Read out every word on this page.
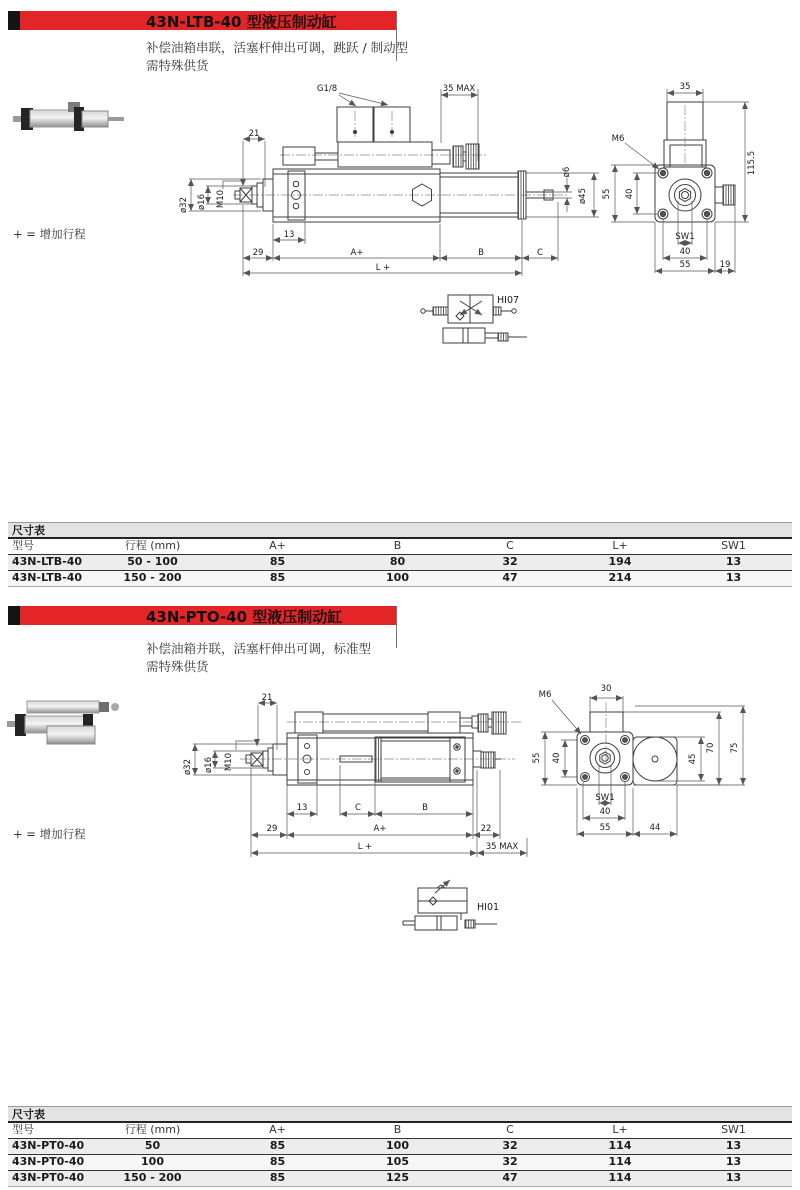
43N-LTB-40 型液压制动缸
补偿油箱串联，活塞杆伸出可调，跳跃 / 制动型
需特殊供货
+ = 增加行程
G1/8	35 MAX
21
ø32 ø16 M10
13
29	A+	B	C
L +
ø6
ø45
35
M6
55 40
115.5
SW1
40
55	19
HI07
尺寸表
型号	行程 (mm)	A+	B	C	L+	SW1
43N-LTB-40	50 - 100	85	80	32	194	13
43N-LTB-40	150 - 200	85	100	47	214	13
43N-PTO-40 型液压制动缸
补偿油箱并联，活塞杆伸出可调，标准型
需特殊供货
+ = 增加行程
21
ø32 ø16 M10
13	C	B
29	A+	22
L +	35 MAX
M6
30
55 40	45
70 75
SW1
40
55	44
HI01
尺寸表
型号	行程 (mm)	A+	B	C	L+	SW1
43N-PT0-40	50	85	100	32	114	13
43N-PT0-40	100	85	105	32	114	13
43N-PT0-40	150 - 200	85	125	47	114	13
